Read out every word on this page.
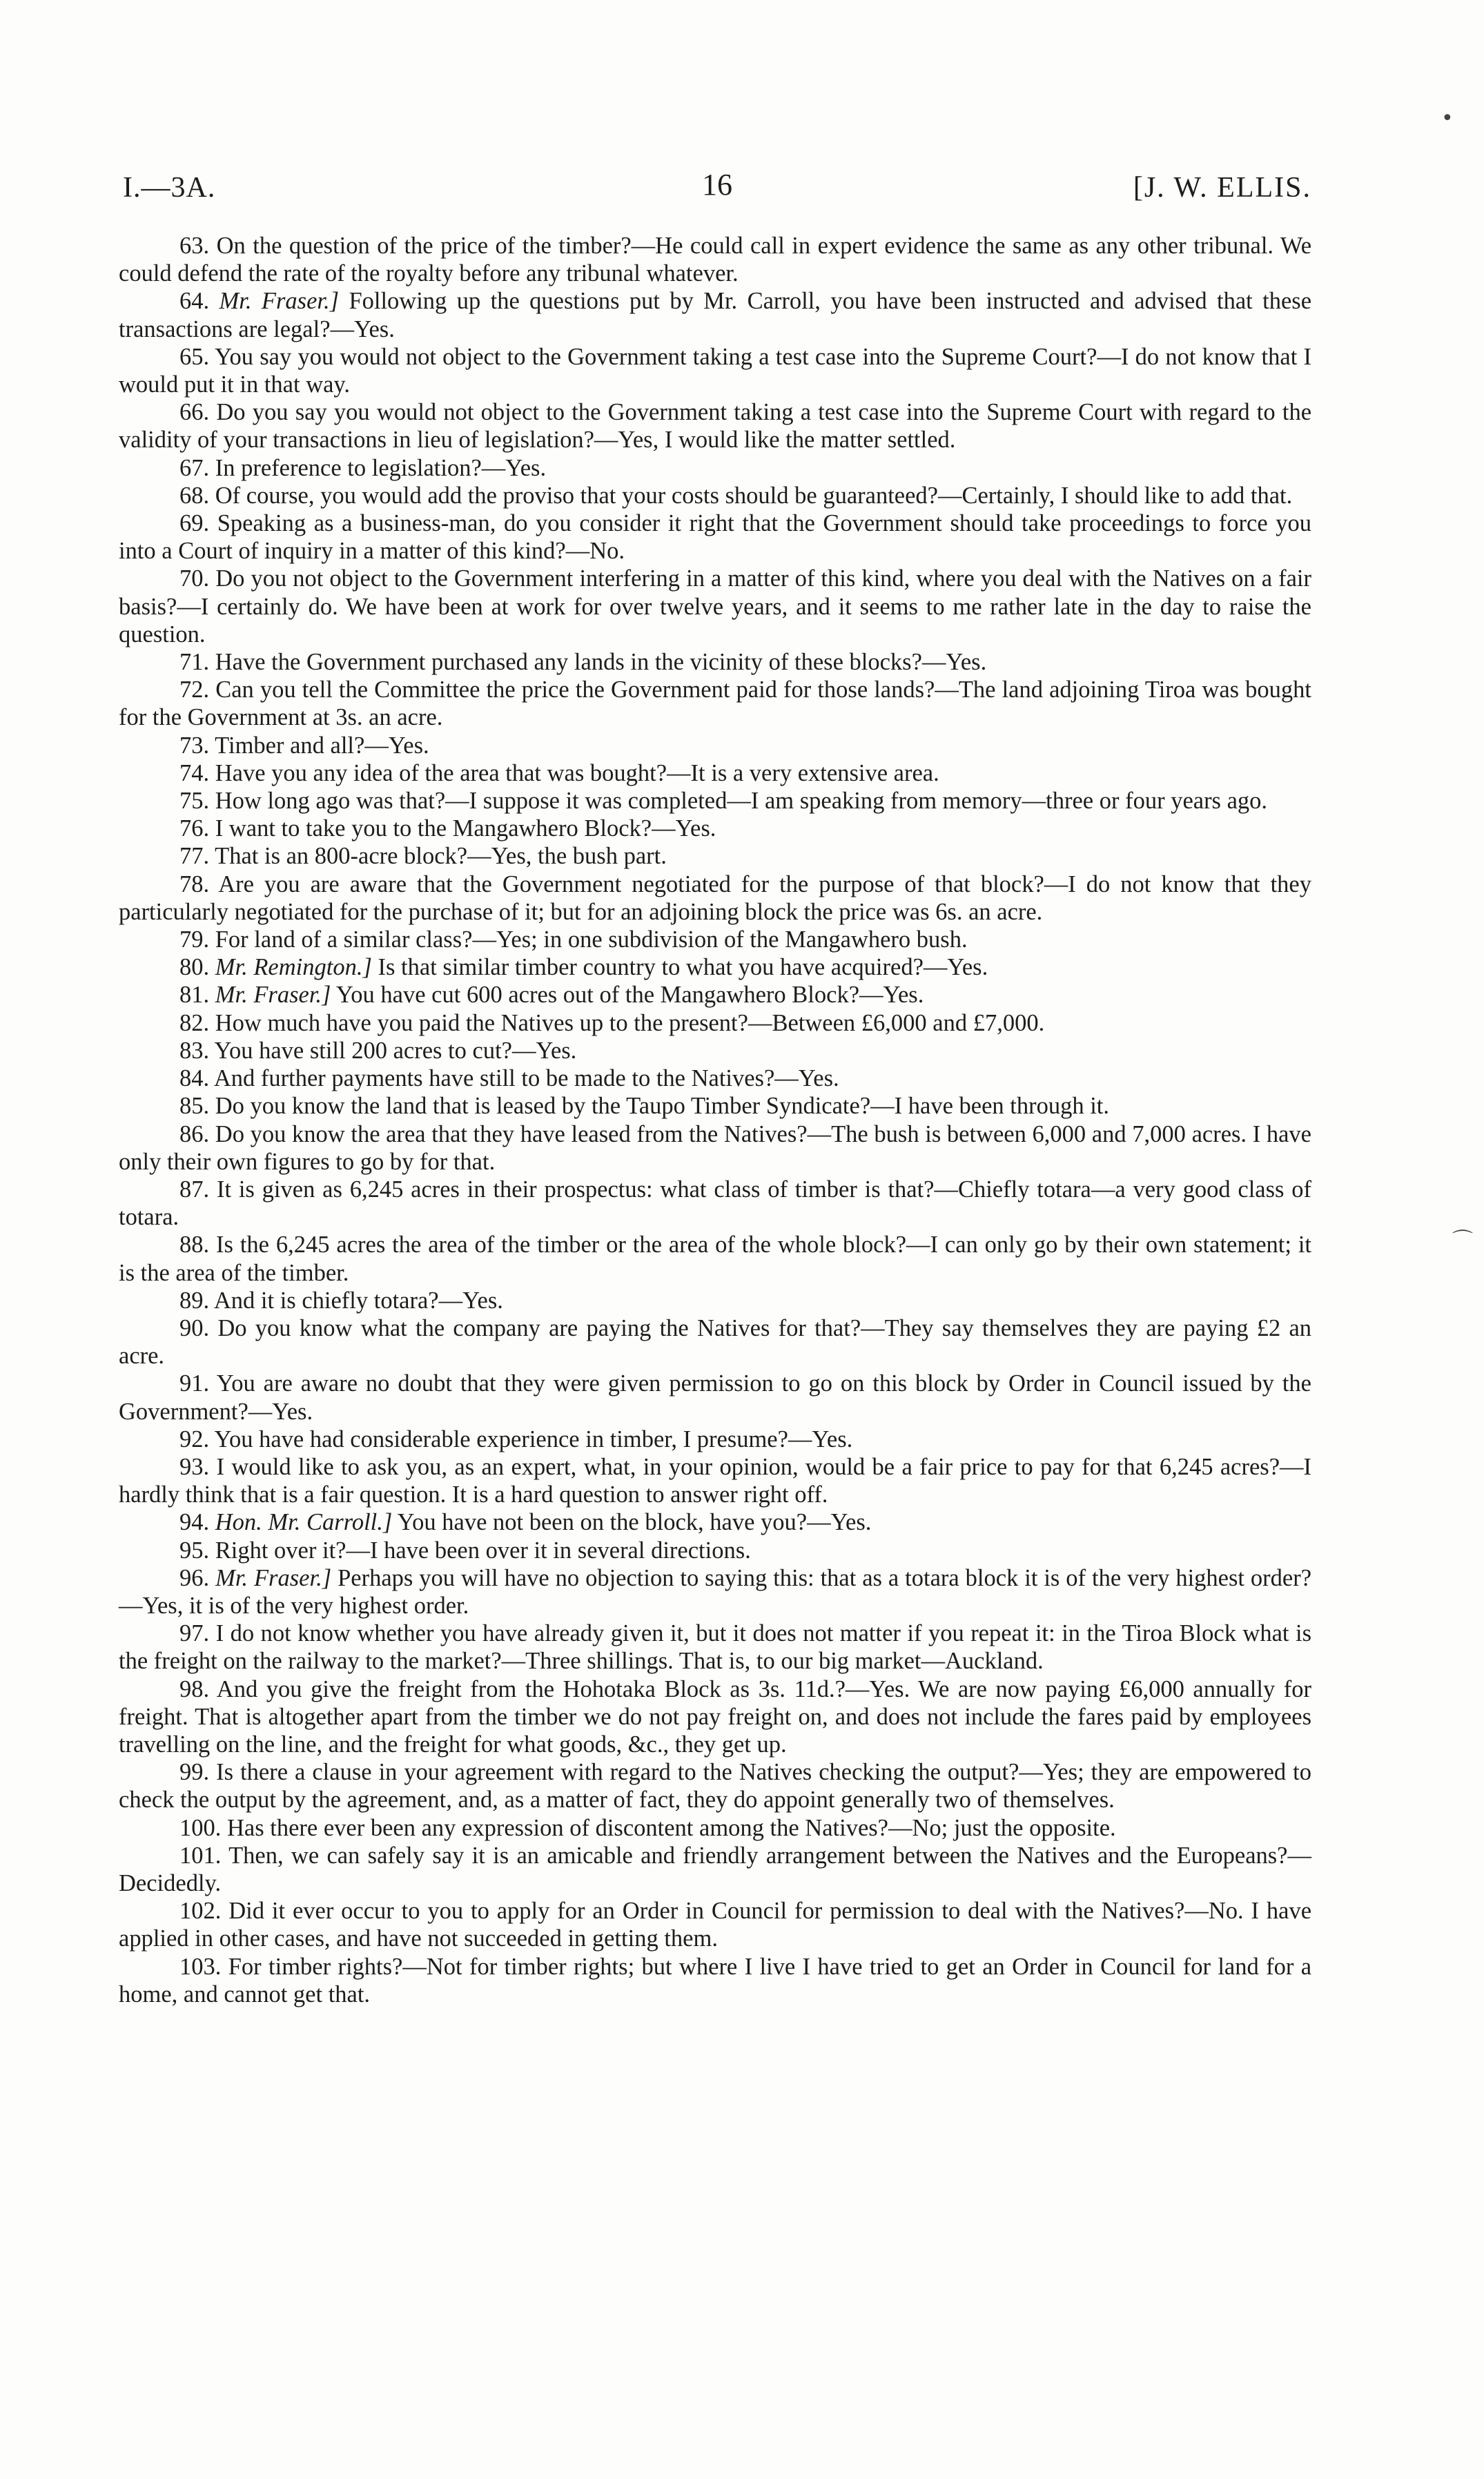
I.—3A.	16	[J. W. ELLIS.

63. On the question of the price of the timber?—He could call in expert evidence the same as any other tribunal. We could defend the rate of the royalty before any tribunal whatever.

64. Mr. Fraser.] Following up the questions put by Mr. Carroll, you have been instructed and advised that these transactions are legal?—Yes.

65. You say you would not object to the Government taking a test case into the Supreme Court?—I do not know that I would put it in that way.

66. Do you say you would not object to the Government taking a test case into the Supreme Court with regard to the validity of your transactions in lieu of legislation?—Yes, I would like the matter settled.

67. In preference to legislation?—Yes.

68. Of course, you would add the proviso that your costs should be guaranteed?—Certainly, I should like to add that.

69. Speaking as a business-man, do you consider it right that the Government should take proceedings to force you into a Court of inquiry in a matter of this kind?—No.

70. Do you not object to the Government interfering in a matter of this kind, where you deal with the Natives on a fair basis?—I certainly do. We have been at work for over twelve years, and it seems to me rather late in the day to raise the question.

71. Have the Government purchased any lands in the vicinity of these blocks?—Yes.

72. Can you tell the Committee the price the Government paid for those lands?—The land adjoining Tiroa was bought for the Government at 3s. an acre.

73. Timber and all?—Yes.

74. Have you any idea of the area that was bought?—It is a very extensive area.

75. How long ago was that?—I suppose it was completed—I am speaking from memory—three or four years ago.

76. I want to take you to the Mangawhero Block?—Yes.

77. That is an 800-acre block?—Yes, the bush part.

78. Are you are aware that the Government negotiated for the purpose of that block?—I do not know that they particularly negotiated for the purchase of it; but for an adjoining block the price was 6s. an acre.

79. For land of a similar class?—Yes; in one subdivision of the Mangawhero bush.

80. Mr. Remington.] Is that similar timber country to what you have acquired?—Yes.

81. Mr. Fraser.] You have cut 600 acres out of the Mangawhero Block?—Yes.

82. How much have you paid the Natives up to the present?—Between £6,000 and £7,000.

83. You have still 200 acres to cut?—Yes.

84. And further payments have still to be made to the Natives?—Yes.

85. Do you know the land that is leased by the Taupo Timber Syndicate?—I have been through it.

86. Do you know the area that they have leased from the Natives?—The bush is between 6,000 and 7,000 acres. I have only their own figures to go by for that.

87. It is given as 6,245 acres in their prospectus: what class of timber is that?—Chiefly totara—a very good class of totara.

88. Is the 6,245 acres the area of the timber or the area of the whole block?—I can only go by their own statement; it is the area of the timber.

89. And it is chiefly totara?—Yes.

90. Do you know what the company are paying the Natives for that?—They say themselves they are paying £2 an acre.

91. You are aware no doubt that they were given permission to go on this block by Order in Council issued by the Government?—Yes.

92. You have had considerable experience in timber, I presume?—Yes.

93. I would like to ask you, as an expert, what, in your opinion, would be a fair price to pay for that 6,245 acres?—I hardly think that is a fair question. It is a hard question to answer right off.

94. Hon. Mr. Carroll.] You have not been on the block, have you?—Yes.

95. Right over it?—I have been over it in several directions.

96. Mr. Fraser.] Perhaps you will have no objection to saying this: that as a totara block it is of the very highest order?—Yes, it is of the very highest order.

97. I do not know whether you have already given it, but it does not matter if you repeat it: in the Tiroa Block what is the freight on the railway to the market?—Three shillings. That is, to our big market—Auckland.

98. And you give the freight from the Hohotaka Block as 3s. 11d.?—Yes. We are now paying £6,000 annually for freight. That is altogether apart from the timber we do not pay freight on, and does not include the fares paid by employees travelling on the line, and the freight for what goods, &c., they get up.

99. Is there a clause in your agreement with regard to the Natives checking the output?—Yes; they are empowered to check the output by the agreement, and, as a matter of fact, they do appoint generally two of themselves.

100. Has there ever been any expression of discontent among the Natives?—No; just the opposite.

101. Then, we can safely say it is an amicable and friendly arrangement between the Natives and the Europeans?—Decidedly.

102. Did it ever occur to you to apply for an Order in Council for permission to deal with the Natives?—No. I have applied in other cases, and have not succeeded in getting them.

103. For timber rights?—Not for timber rights; but where I live I have tried to get an Order in Council for land for a home, and cannot get that.

•
⌒
